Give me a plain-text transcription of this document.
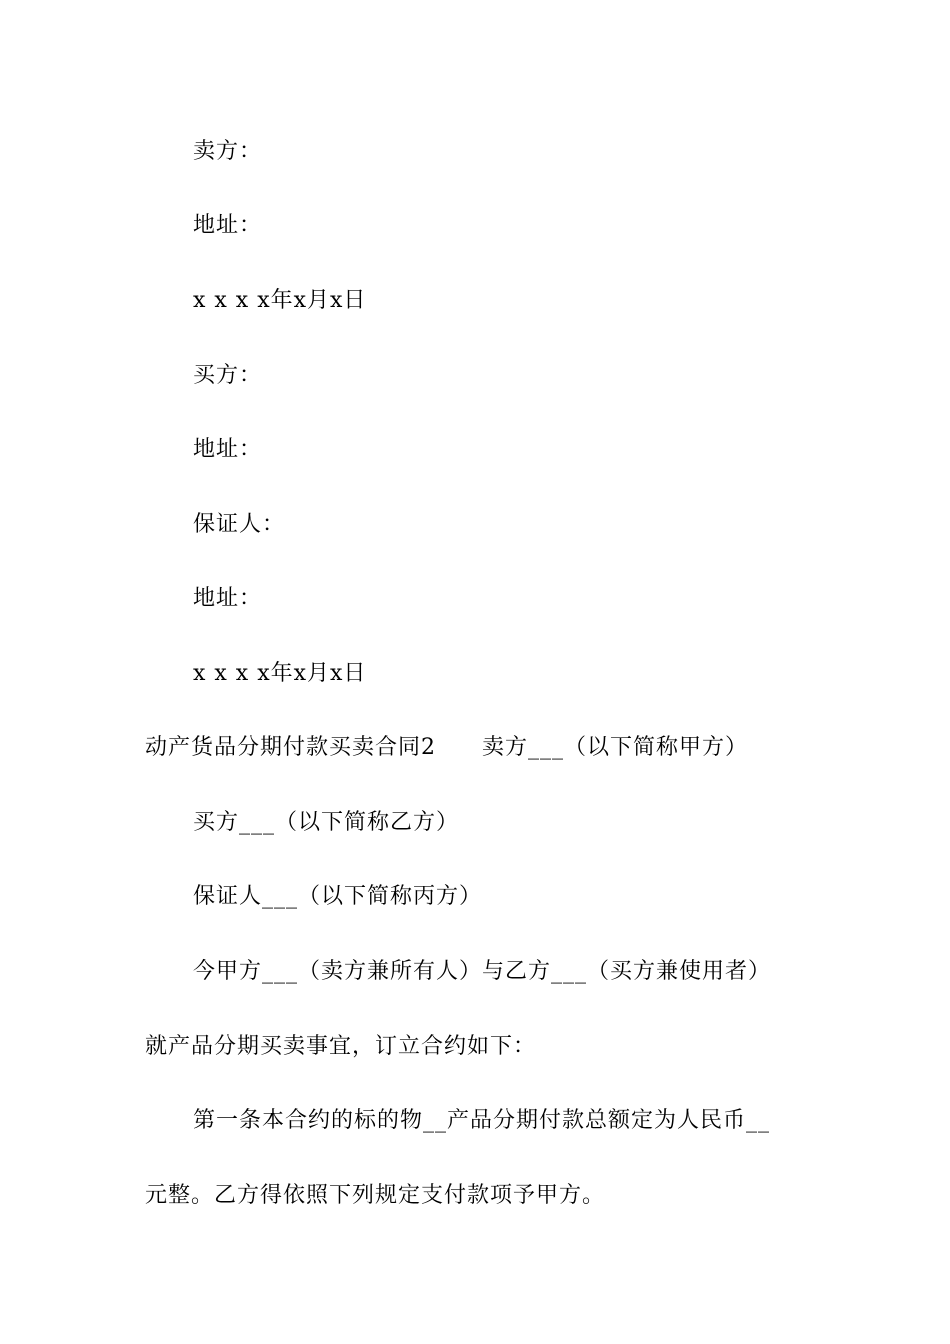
卖方：
地址：
x x x x年x月x日
买方：
地址：
保证人：
地址：
x x x x年x月x日
动产货品分期付款买卖合同2　　卖方___（以下简称甲方）
买方___（以下简称乙方）
保证人___（以下简称丙方）
今甲方___（卖方兼所有人）与乙方___（买方兼使用者）
就产品分期买卖事宜，订立合约如下：
第一条本合约的标的物__产品分期付款总额定为人民币__
元整。乙方得依照下列规定支付款项予甲方。
